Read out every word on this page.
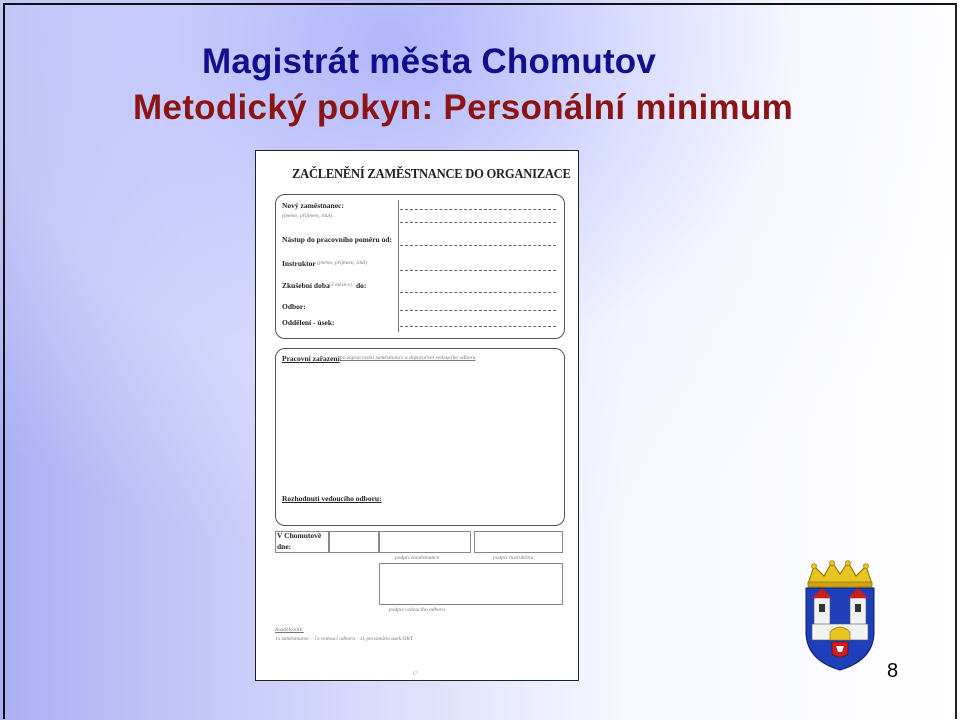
Magistrát města Chomutov
Metodický pokyn: Personální minimum
ZAČLENĚNÍ ZAMĚSTNANCE DO ORGANIZACE
Nový zaměstnanec:
(jméno, příjmení, titul)
Nástup do pracovního poměru od:
Instruktor (jméno, příjmení, titul)
Zkušební doba (3 měsíce) do:
Odbor:
Oddělení - úsek:
Pracovní zařazení po zapracování zaměstnance a doporučení vedoucího odboru
Rozhodnutí vedoucího odboru:
V Chomutově
dne:
podpis zaměstnance	podpis instruktora
podpis vedoucího odboru
Rozdělovník:
1x zaměstnanec - 1x vedoucí odboru - 1x personální úsek OKT
17	8
